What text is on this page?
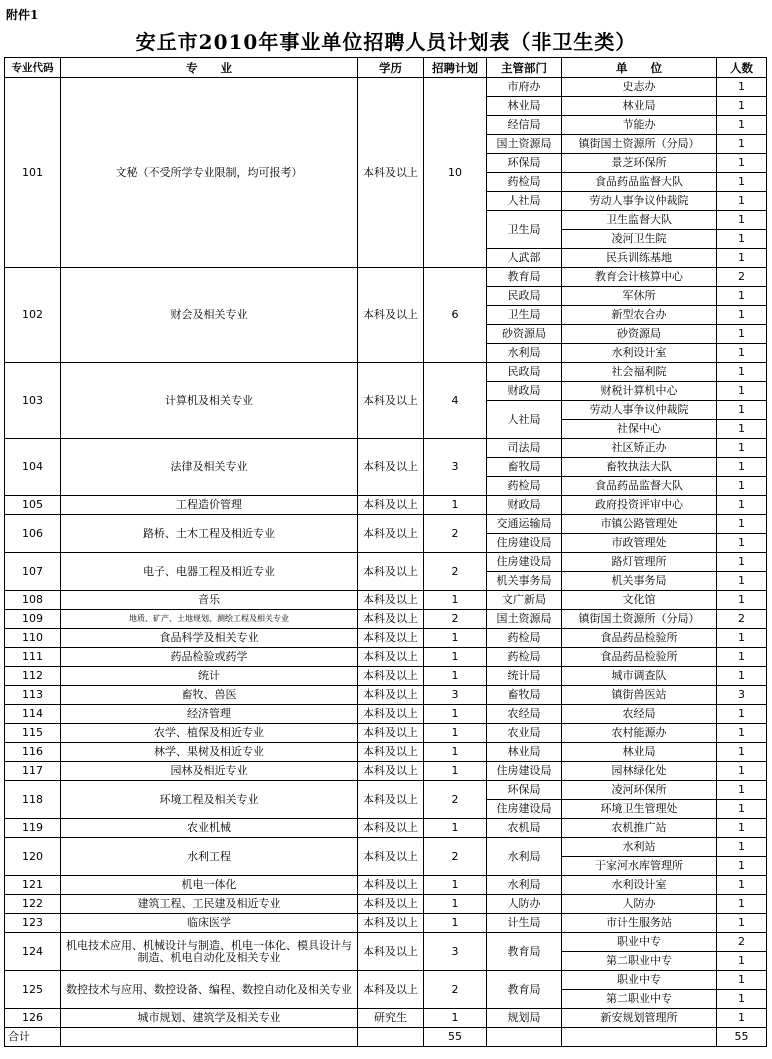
附件1
安丘市2010年事业单位招聘人员计划表（非卫生类）
专业代码	专　　业	学历	招聘计划	主管部门	单　　位	人数
101	文秘（不受所学专业限制，均可报考）	本科及以上	10	市府办	史志办	1
				林业局	林业局	1
				经信局	节能办	1
				国土资源局	镇街国土资源所（分局）	1
				环保局	景芝环保所	1
				药检局	食品药品监督大队	1
				人社局	劳动人事争议仲裁院	1
				卫生局	卫生监督大队	1
					凌河卫生院	1
				人武部	民兵训练基地	1
102	财会及相关专业	本科及以上	6	教育局	教育会计核算中心	2
				民政局	军休所	1
				卫生局	新型农合办	1
				砂资源局	砂资源局	1
				水利局	水利设计室	1
103	计算机及相关专业	本科及以上	4	民政局	社会福利院	1
				财政局	财税计算机中心	1
				人社局	劳动人事争议仲裁院	1
					社保中心	1
104	法律及相关专业	本科及以上	3	司法局	社区矫正办	1
				畜牧局	畜牧执法大队	1
				药检局	食品药品监督大队	1
105	工程造价管理	本科及以上	1	财政局	政府投资评审中心	1
106	路桥、土木工程及相近专业	本科及以上	2	交通运输局	市镇公路管理处	1
				住房建设局	市政管理处	1
107	电子、电器工程及相近专业	本科及以上	2	住房建设局	路灯管理所	1
				机关事务局	机关事务局	1
108	音乐	本科及以上	1	文广新局	文化馆	1
109	地质、矿产、土地规划、测绘工程及相关专业	本科及以上	2	国土资源局	镇街国土资源所（分局）	2
110	食品科学及相关专业	本科及以上	1	药检局	食品药品检验所	1
111	药品检验或药学	本科及以上	1	药检局	食品药品检验所	1
112	统计	本科及以上	1	统计局	城市调查队	1
113	畜牧、兽医	本科及以上	3	畜牧局	镇街兽医站	3
114	经济管理	本科及以上	1	农经局	农经局	1
115	农学、植保及相近专业	本科及以上	1	农业局	农村能源办	1
116	林学、果树及相近专业	本科及以上	1	林业局	林业局	1
117	园林及相近专业	本科及以上	1	住房建设局	园林绿化处	1
118	环境工程及相关专业	本科及以上	2	环保局	凌河环保所	1
				住房建设局	环境卫生管理处	1
119	农业机械	本科及以上	1	农机局	农机推广站	1
120	水利工程	本科及以上	2	水利局	水利站	1
					于家河水库管理所	1
121	机电一体化	本科及以上	1	水利局	水利设计室	1
122	建筑工程、工民建及相近专业	本科及以上	1	人防办	人防办	1
123	临床医学	本科及以上	1	计生局	市计生服务站	1
124	机电技术应用、机械设计与制造、机电一体化、模具设计与制造、机电自动化及相关专业	本科及以上	3	教育局	职业中专	2
					第二职业中专	1
125	数控技术与应用、数控设备、编程、数控自动化及相关专业	本科及以上	2	教育局	职业中专	1
					第二职业中专	1
126	城市规划、建筑学及相关专业	研究生	1	规划局	新安规划管理所	1
合计			55			55
